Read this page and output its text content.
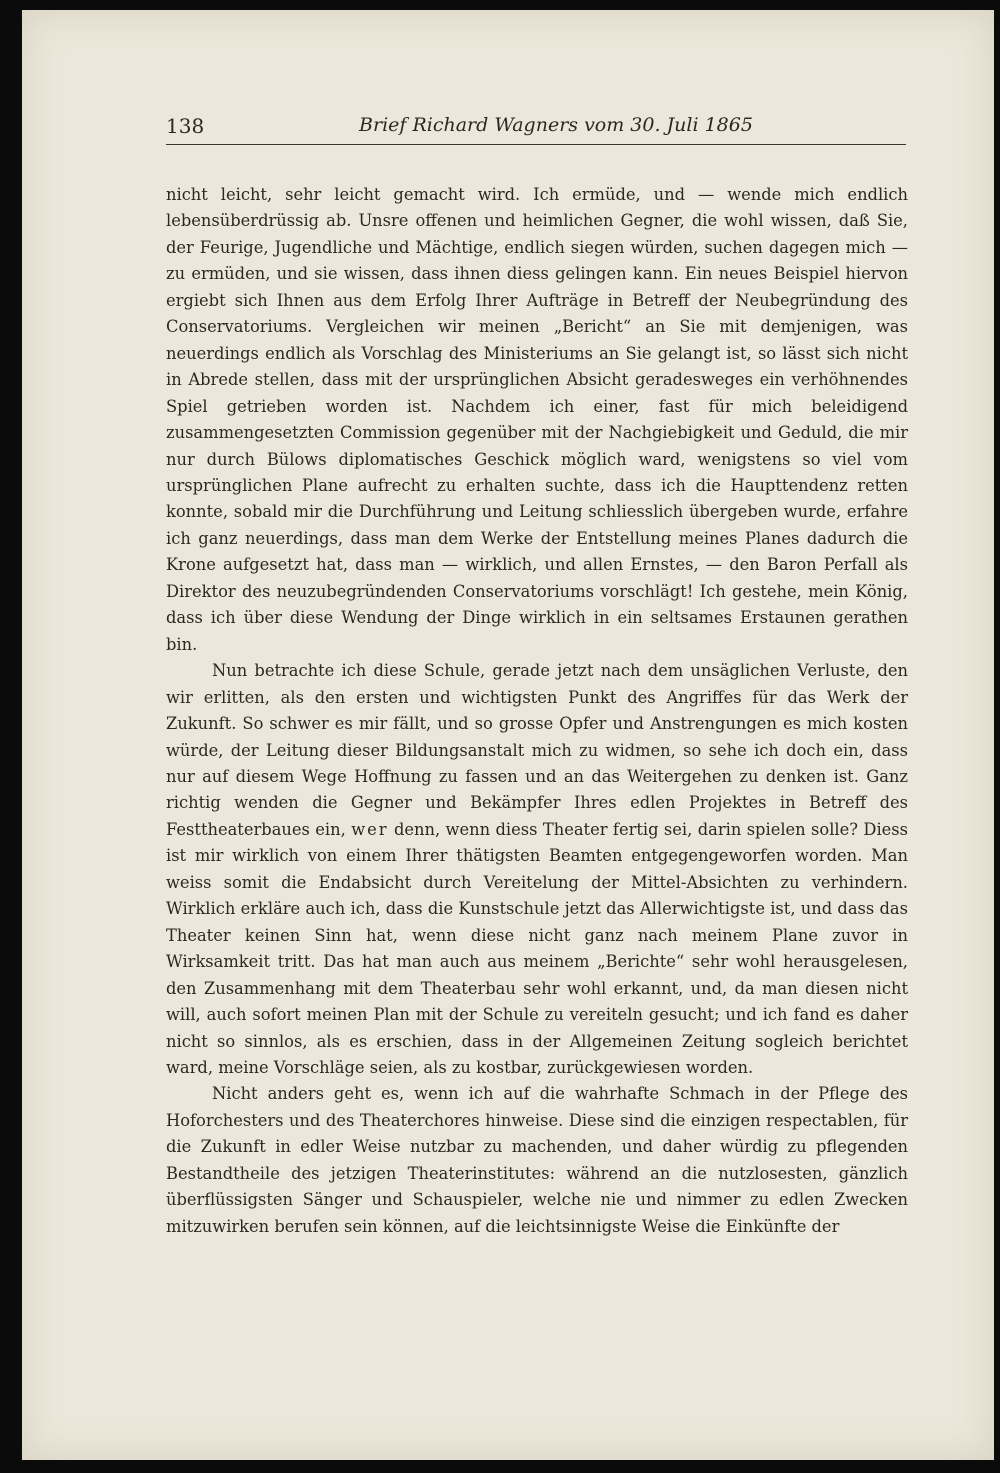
138	Brief Richard Wagners vom 30. Juli 1865

nicht leicht, sehr leicht gemacht wird. Ich ermüde, und — wende mich endlich lebensüberdrüssig ab. Unsre offenen und heimlichen Gegner, die wohl wissen, daß Sie, der Feurige, Jugendliche und Mächtige, endlich siegen würden, suchen dagegen mich — zu ermüden, und sie wissen, dass ihnen diess gelingen kann. Ein neues Beispiel hiervon ergiebt sich Ihnen aus dem Erfolg Ihrer Aufträge in Betreff der Neubegründung des Conservatoriums. Vergleichen wir meinen „Bericht“ an Sie mit demjenigen, was neuerdings endlich als Vorschlag des Ministeriums an Sie gelangt ist, so lässt sich nicht in Abrede stellen, dass mit der ursprünglichen Absicht geradesweges ein verhöhnendes Spiel getrieben worden ist. Nachdem ich einer, fast für mich beleidigend zusammengesetzten Commission gegenüber mit der Nachgiebigkeit und Geduld, die mir nur durch Bülows diplomatisches Geschick möglich ward, wenigstens so viel vom ursprünglichen Plane aufrecht zu erhalten suchte, dass ich die Haupttendenz retten konnte, sobald mir die Durchführung und Leitung schliesslich übergeben wurde, erfahre ich ganz neuerdings, dass man dem Werke der Entstellung meines Planes dadurch die Krone aufgesetzt hat, dass man — wirklich, und allen Ernstes, — den Baron Perfall als Direktor des neuzubegründenden Conservatoriums vorschlägt! Ich gestehe, mein König, dass ich über diese Wendung der Dinge wirklich in ein seltsames Erstaunen gerathen bin.

Nun betrachte ich diese Schule, gerade jetzt nach dem unsäglichen Verluste, den wir erlitten, als den ersten und wichtigsten Punkt des Angriffes für das Werk der Zukunft. So schwer es mir fällt, und so grosse Opfer und Anstrengungen es mich kosten würde, der Leitung dieser Bildungsanstalt mich zu widmen, so sehe ich doch ein, dass nur auf diesem Wege Hoffnung zu fassen und an das Weitergehen zu denken ist. Ganz richtig wenden die Gegner und Bekämpfer Ihres edlen Projektes in Betreff des Festtheaterbaues ein, wer denn, wenn diess Theater fertig sei, darin spielen solle? Diess ist mir wirklich von einem Ihrer thätigsten Beamten entgegengeworfen worden. Man weiss somit die Endabsicht durch Vereitelung der Mittel-Absichten zu verhindern. Wirklich erkläre auch ich, dass die Kunstschule jetzt das Allerwichtigste ist, und dass das Theater keinen Sinn hat, wenn diese nicht ganz nach meinem Plane zuvor in Wirksamkeit tritt. Das hat man auch aus meinem „Berichte“ sehr wohl herausgelesen, den Zusammenhang mit dem Theaterbau sehr wohl erkannt, und, da man diesen nicht will, auch sofort meinen Plan mit der Schule zu vereiteln gesucht; und ich fand es daher nicht so sinnlos, als es erschien, dass in der Allgemeinen Zeitung sogleich berichtet ward, meine Vorschläge seien, als zu kostbar, zurückgewiesen worden.

Nicht anders geht es, wenn ich auf die wahrhafte Schmach in der Pflege des Hoforchesters und des Theaterchores hinweise. Diese sind die einzigen respectablen, für die Zukunft in edler Weise nutzbar zu machenden, und daher würdig zu pflegenden Bestandtheile des jetzigen Theaterinstitutes: während an die nutzlosesten, gänzlich überflüssigsten Sänger und Schauspieler, welche nie und nimmer zu edlen Zwecken mitzuwirken berufen sein können, auf die leichtsinnigste Weise die Einkünfte der
